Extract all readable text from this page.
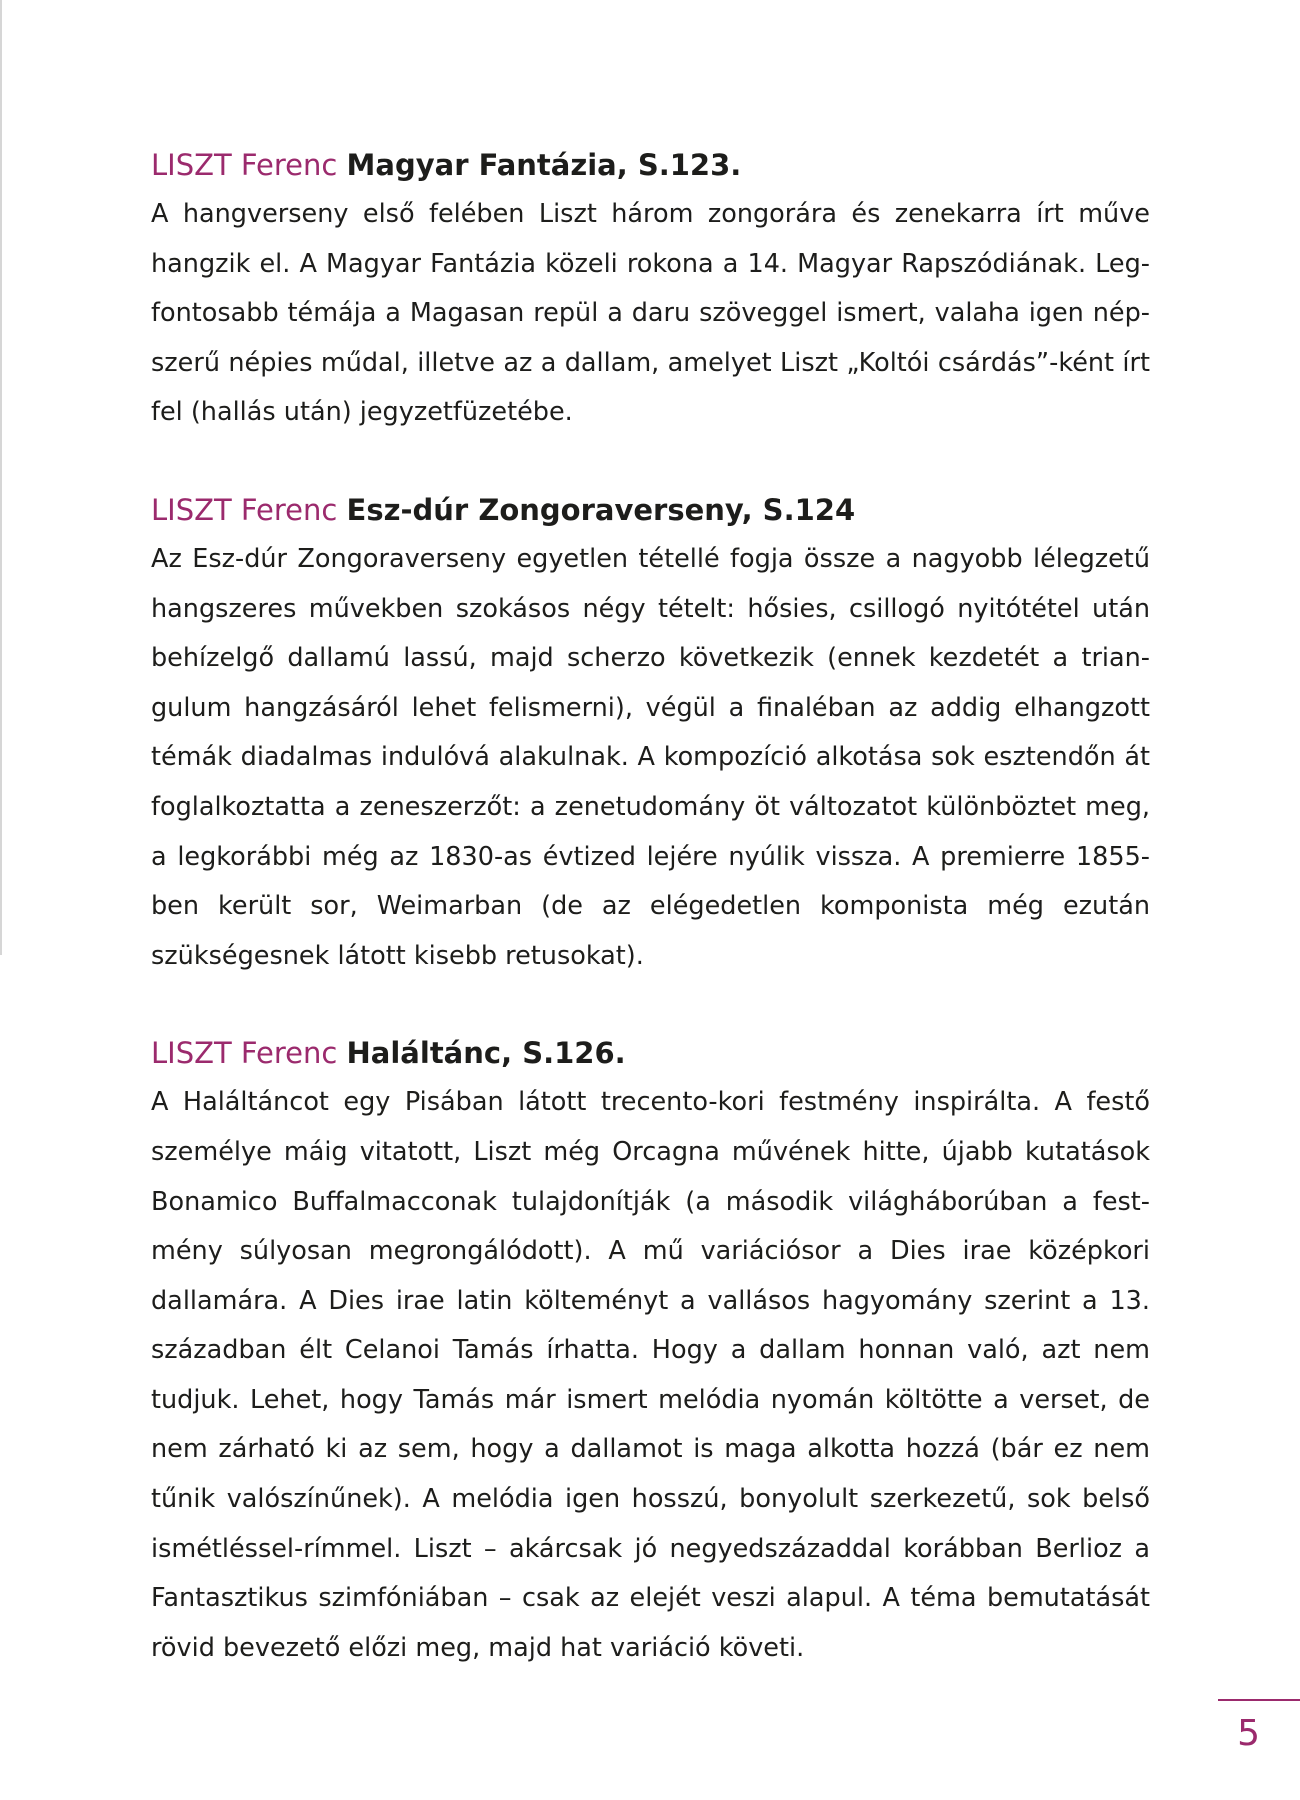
LISZT Ferenc Magyar Fantázia, S.123.

A hangverseny első felében Liszt három zongorára és zenekarra írt műve hangzik el. A Magyar Fantázia közeli rokona a 14. Magyar Rapszódiának. Legfontosabb témája a Magasan repül a daru szöveggel ismert, valaha igen népszerű népies műdal, illetve az a dallam, amelyet Liszt „Koltói csárdás”-ként írt fel (hallás után) jegyzetfüzetébe.

LISZT Ferenc Esz-dúr Zongoraverseny, S.124

Az Esz-dúr Zongoraverseny egyetlen tétellé fogja össze a nagyobb lélegzetű hangszeres művekben szokásos négy tételt: hősies, csillogó nyitótétel után behízelgő dallamú lassú, majd scherzo következik (ennek kezdetét a triangulum hangzásáról lehet felismerni), végül a finaléban az addig elhangzott témák diadalmas indulóvá alakulnak. A kompozíció alkotása sok esztendőn át foglalkoztatta a zeneszerzőt: a zenetudomány öt változatot különböztet meg, a legkorábbi még az 1830-as évtized lejére nyúlik vissza. A premierre 1855-ben került sor, Weimarban (de az elégedetlen komponista még ezután szükségesnek látott kisebb retusokat).

LISZT Ferenc Haláltánc, S.126.

A Haláltáncot egy Pisában látott trecento-kori festmény inspirálta. A festő személye máig vitatott, Liszt még Orcagna művének hitte, újabb kutatások Bonamico Buffalmacconak tulajdonítják (a második világháborúban a festmény súlyosan megrongálódott). A mű variációsor a Dies irae középkori dallamára. A Dies irae latin költeményt a vallásos hagyomány szerint a 13. században élt Celanoi Tamás írhatta. Hogy a dallam honnan való, azt nem tudjuk. Lehet, hogy Tamás már ismert melódia nyomán költötte a verset, de nem zárható ki az sem, hogy a dallamot is maga alkotta hozzá (bár ez nem tűnik valószínűnek). A melódia igen hosszú, bonyolult szerkezetű, sok belső ismétléssel-rímmel. Liszt – akárcsak jó negyedszázaddal korábban Berlioz a Fantasztikus szimfóniában – csak az elejét veszi alapul. A téma bemutatását rövid bevezető előzi meg, majd hat variáció követi.

5
